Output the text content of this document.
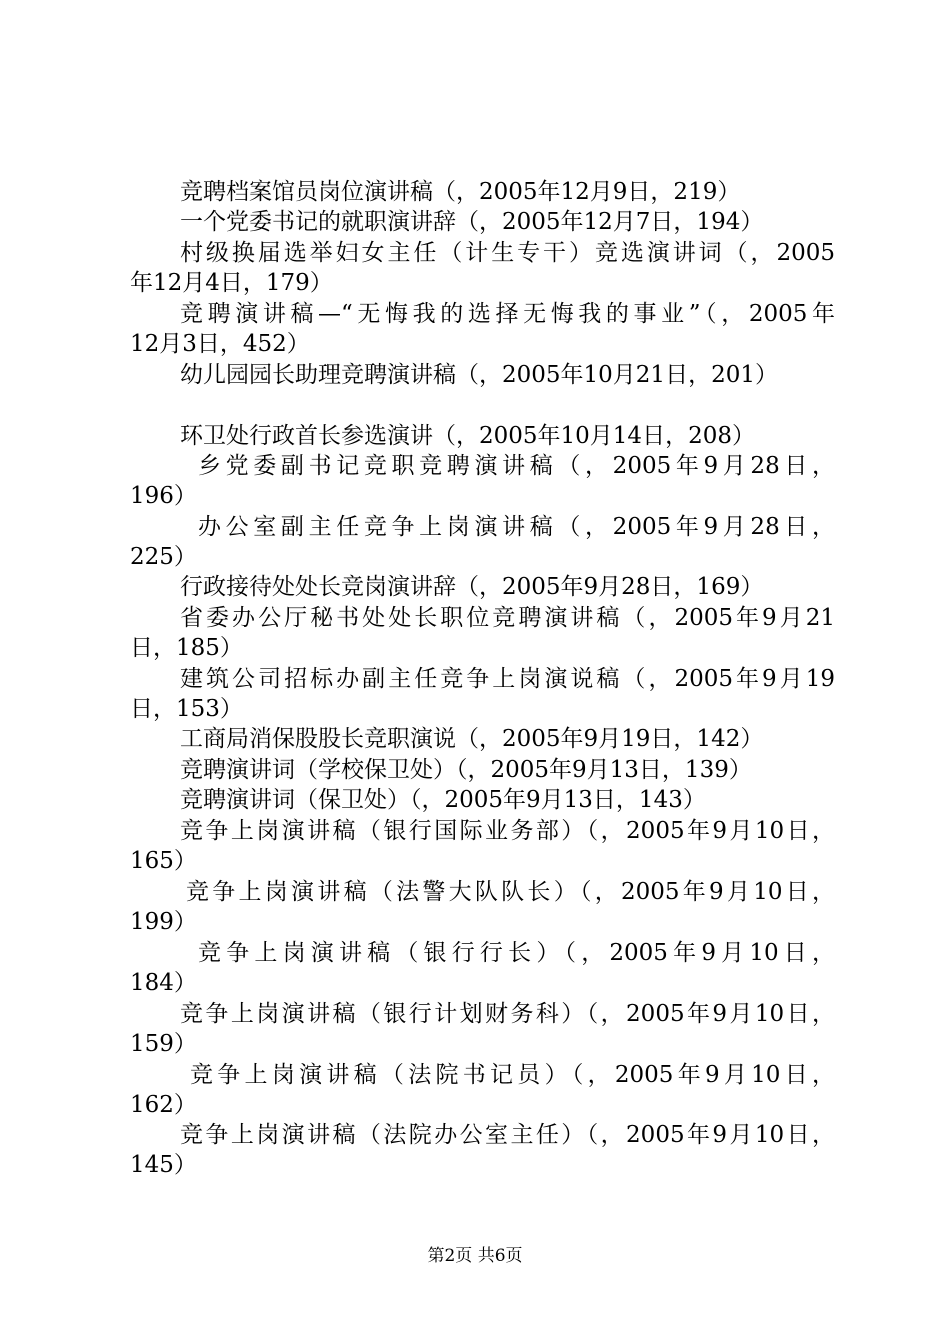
竞聘档案馆员岗位演讲稿（，2005年12月9日，219）
一个党委书记的就职演讲辞（，2005年12月7日，194）
村级换届选举妇女主任（计生专干）竞选演讲词（，2005
年12月4日，179）
竞聘演讲稿—“无悔我的选择无悔我的事业”（，2005年
12月3日，452）
幼儿园园长助理竞聘演讲稿（，2005年10月21日，201）
环卫处行政首长参选演讲（，2005年10月14日，208）
乡党委副书记竞职竞聘演讲稿（，2005年9月28日，
196）
办公室副主任竞争上岗演讲稿（，2005年9月28日，
225）
行政接待处处长竞岗演讲辞（，2005年9月28日，169）
省委办公厅秘书处处长职位竞聘演讲稿（，2005年9月21
日，185）
建筑公司招标办副主任竞争上岗演说稿（，2005年9月19
日，153）
工商局消保股股长竞职演说（，2005年9月19日，142）
竞聘演讲词（学校保卫处）（，2005年9月13日，139）
竞聘演讲词（保卫处）（，2005年9月13日，143）
竞争上岗演讲稿（银行国际业务部）（，2005年9月10日，
165）
竞争上岗演讲稿（法警大队队长）（，2005年9月10日，
199）
竞争上岗演讲稿（银行行长）（，2005年9月10日，
184）
竞争上岗演讲稿（银行计划财务科）（，2005年9月10日，
159）
竞争上岗演讲稿（法院书记员）（，2005年9月10日，
162）
竞争上岗演讲稿（法院办公室主任）（，2005年9月10日，
145）
第2页 共6页
